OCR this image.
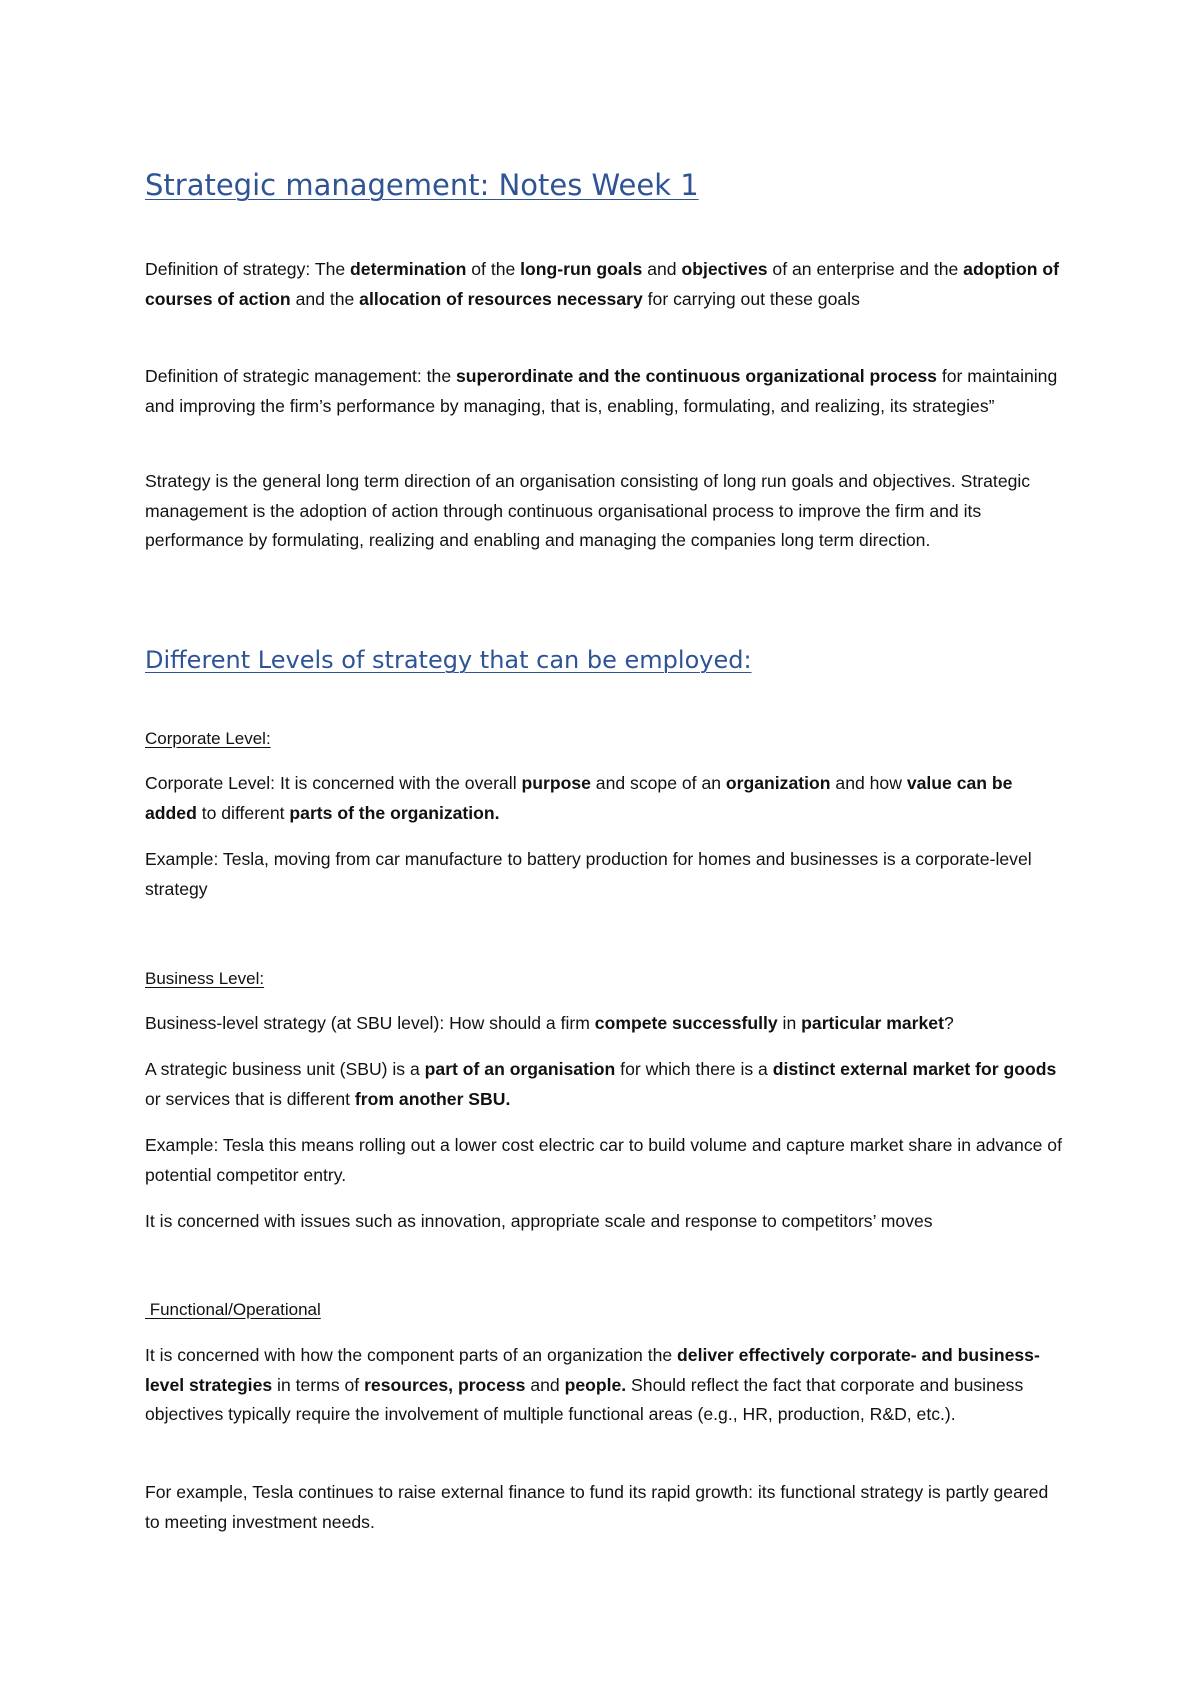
Strategic management: Notes Week 1

Definition of strategy: The determination of the long-run goals and objectives of an enterprise and the adoption of courses of action and the allocation of resources necessary for carrying out these goals

Definition of strategic management: the superordinate and the continuous organizational process for maintaining and improving the firm’s performance by managing, that is, enabling, formulating, and realizing, its strategies”

Strategy is the general long term direction of an organisation consisting of long run goals and objectives. Strategic management is the adoption of action through continuous organisational process to improve the firm and its performance by formulating, realizing and enabling and managing the companies long term direction.

Different Levels of strategy that can be employed:
Corporate Level:

Corporate Level: It is concerned with the overall purpose and scope of an organization and how value can be added to different parts of the organization.

Example: Tesla, moving from car manufacture to battery production for homes and businesses is a corporate-level strategy

Business Level:

Business-level strategy (at SBU level): How should a firm compete successfully in particular market?

A strategic business unit (SBU) is a part of an organisation for which there is a distinct external market for goods or services that is different from another SBU.

Example: Tesla this means rolling out a lower cost electric car to build volume and capture market share in advance of potential competitor entry.

It is concerned with issues such as innovation, appropriate scale and response to competitors’ moves

Functional/Operational

It is concerned with how the component parts of an organization the deliver effectively corporate- and business- level strategies in terms of resources, process and people. Should reflect the fact that corporate and business objectives typically require the involvement of multiple functional areas (e.g., HR, production, R&D, etc.).

For example, Tesla continues to raise external finance to fund its rapid growth: its functional strategy is partly geared to meeting investment needs.
